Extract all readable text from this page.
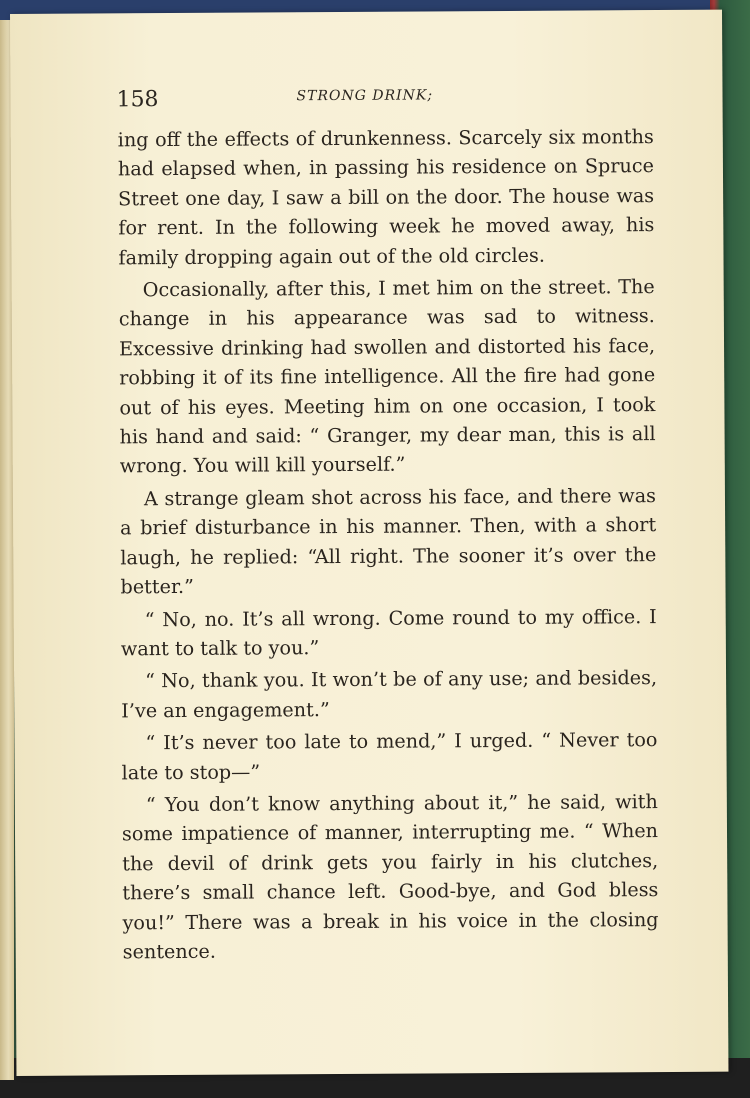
158	STRONG DRINK;

ing off the effects of drunkenness. Scarcely six months had elapsed when, in passing his residence on Spruce Street one day, I saw a bill on the door. The house was for rent. In the following week he moved away, his family dropping again out of the old circles.

Occasionally, after this, I met him on the street. The change in his appearance was sad to witness. Excessive drinking had swollen and distorted his face, robbing it of its fine intelligence. All the fire had gone out of his eyes. Meeting him on one occasion, I took his hand and said: “ Granger, my dear man, this is all wrong. You will kill yourself.”

A strange gleam shot across his face, and there was a brief disturbance in his manner. Then, with a short laugh, he replied: “All right. The sooner it’s over the better.”

“ No, no. It’s all wrong. Come round to my office. I want to talk to you.”

“ No, thank you. It won’t be of any use; and besides, I’ve an engagement.”

“ It’s never too late to mend,” I urged. “ Never too late to stop—”

“ You don’t know anything about it,” he said, with some impatience of manner, interrupting me. “ When the devil of drink gets you fairly in his clutches, there’s small chance left. Good-bye, and God bless you!” There was a break in his voice in the closing sentence.
